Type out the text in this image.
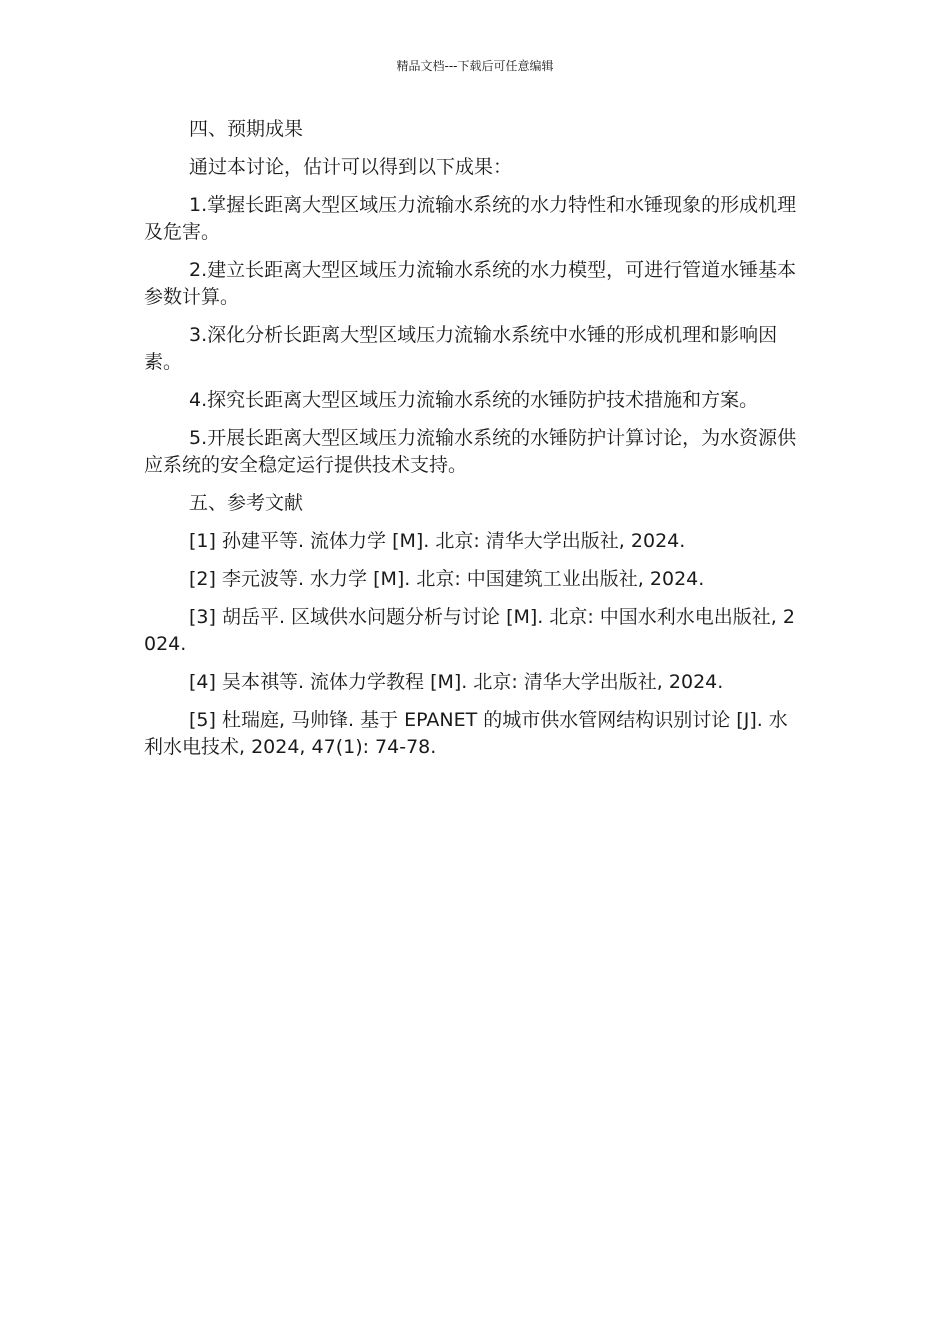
精品文档---下载后可任意编辑

四、预期成果

通过本讨论，估计可以得到以下成果：

1.掌握长距离大型区域压力流输水系统的水力特性和水锤现象的形成机理及危害。

2.建立长距离大型区域压力流输水系统的水力模型，可进行管道水锤基本参数计算。

3.深化分析长距离大型区域压力流输水系统中水锤的形成机理和影响因素。

4.探究长距离大型区域压力流输水系统的水锤防护技术措施和方案。

5.开展长距离大型区域压力流输水系统的水锤防护计算讨论，为水资源供应系统的安全稳定运行提供技术支持。

五、参考文献

[1] 孙建平等. 流体力学 [M]. 北京: 清华大学出版社, 2024.

[2] 李元波等. 水力学 [M]. 北京: 中国建筑工业出版社, 2024.

[3] 胡岳平. 区域供水问题分析与讨论 [M]. 北京: 中国水利水电出版社, 2024.

[4] 吴本祺等. 流体力学教程 [M]. 北京: 清华大学出版社, 2024.

[5] 杜瑞庭, 马帅锋. 基于 EPANET 的城市供水管网结构识别讨论 [J]. 水利水电技术, 2024, 47(1): 74-78.
